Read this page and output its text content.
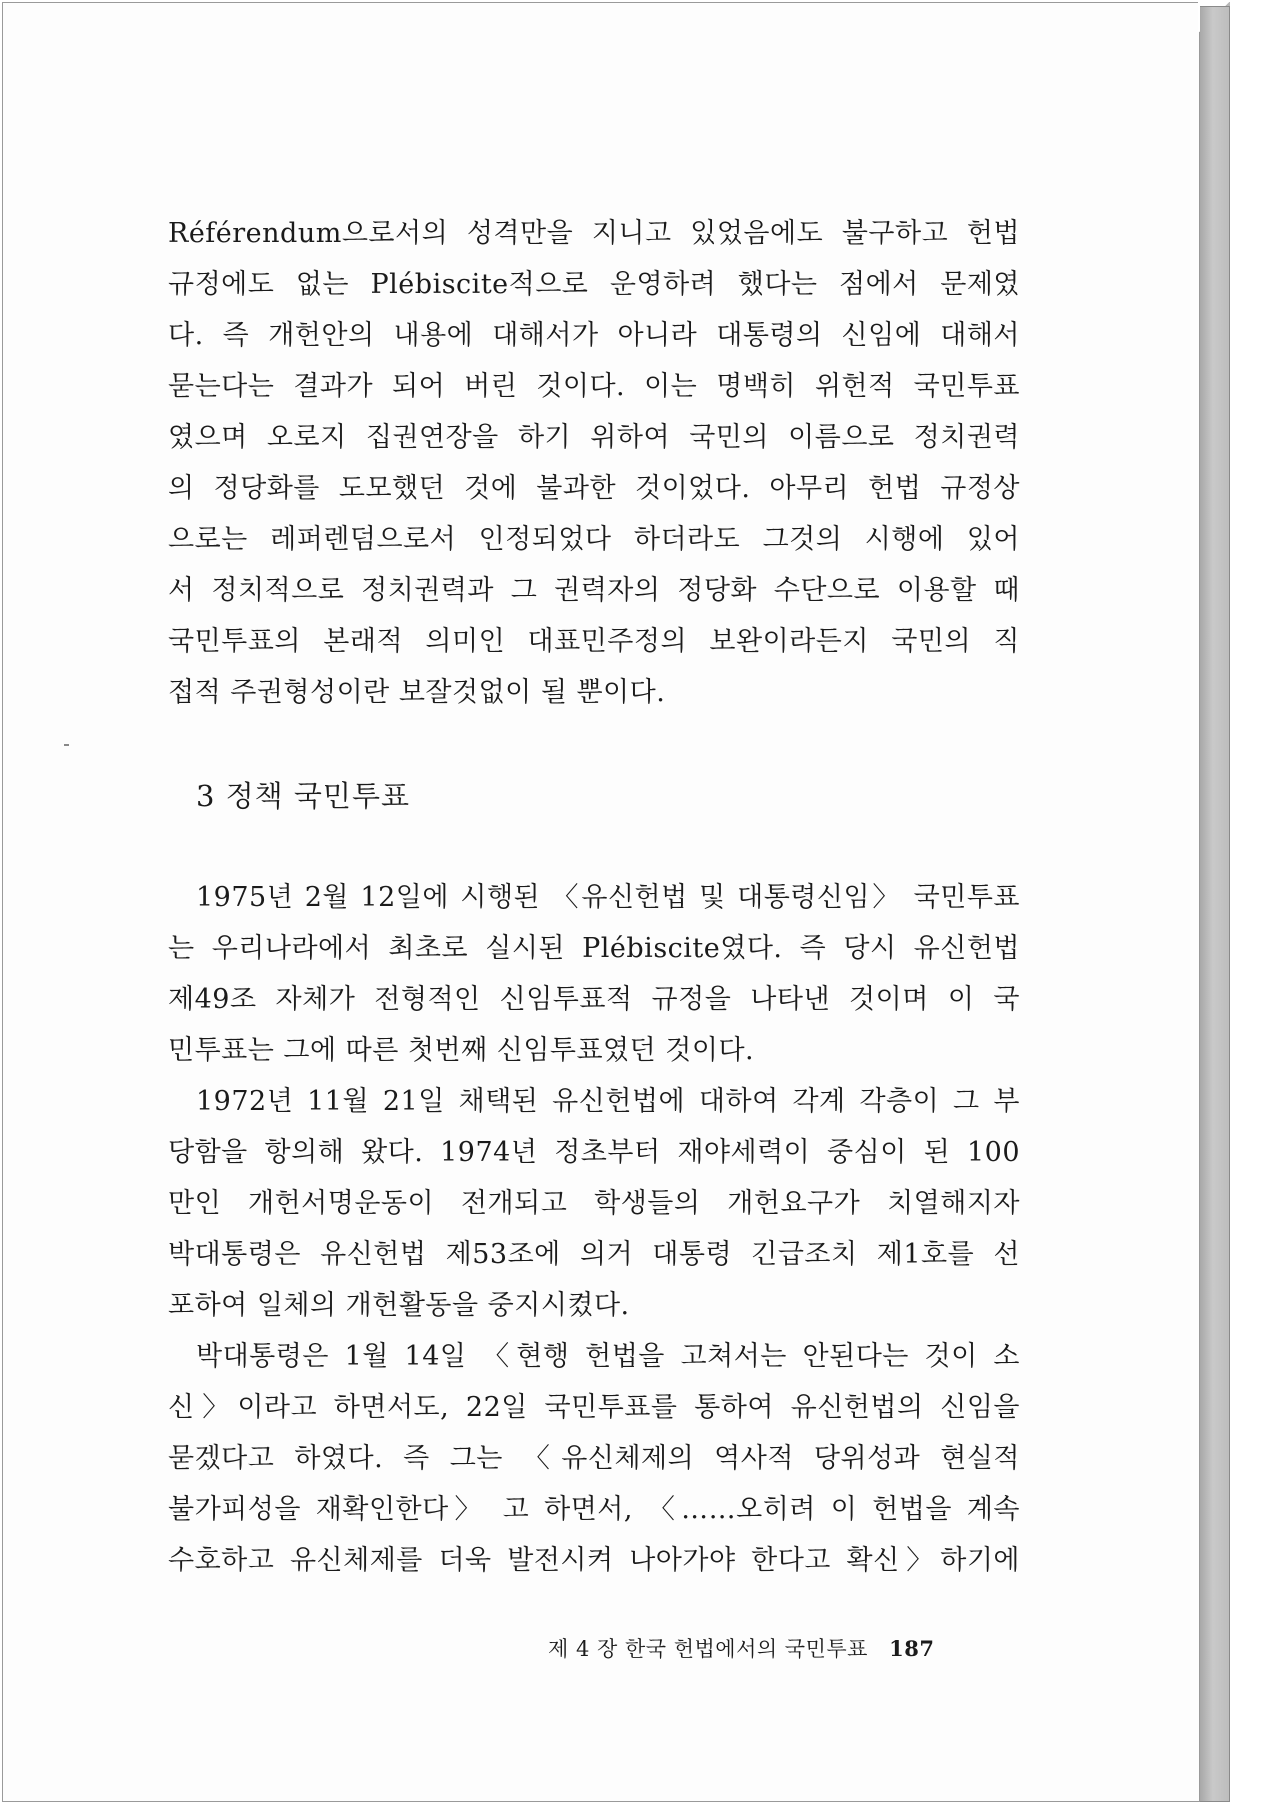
Référendum으로서의 성격만을 지니고 있었음에도 불구하고 헌법
규정에도 없는 Plébiscite적으로 운영하려 했다는 점에서 문제였
다. 즉 개헌안의 내용에 대해서가 아니라 대통령의 신임에 대해서
묻는다는 결과가 되어 버린 것이다. 이는 명백히 위헌적 국민투표
였으며 오로지 집권연장을 하기 위하여 국민의 이름으로 정치권력
의 정당화를 도모했던 것에 불과한 것이었다. 아무리 헌법 규정상
으로는 레퍼렌덤으로서 인정되었다 하더라도 그것의 시행에 있어
서 정치적으로 정치권력과 그 권력자의 정당화 수단으로 이용할 때
국민투표의 본래적 의미인 대표민주정의 보완이라든지 국민의 직
접적 주권형성이란 보잘것없이 될 뿐이다.
3 정책 국민투표
1975년 2월 12일에 시행된 〈유신헌법 및 대통령신임〉 국민투표
는 우리나라에서 최초로 실시된 Plébiscite였다. 즉 당시 유신헌법
제49조 자체가 전형적인 신임투표적 규정을 나타낸 것이며 이 국
민투표는 그에 따른 첫번째 신임투표였던 것이다.
1972년 11월 21일 채택된 유신헌법에 대하여 각계 각층이 그 부
당함을 항의해 왔다. 1974년 정초부터 재야세력이 중심이 된 100
만인 개헌서명운동이 전개되고 학생들의 개헌요구가 치열해지자
박대통령은 유신헌법 제53조에 의거 대통령 긴급조치 제1호를 선
포하여 일체의 개헌활동을 중지시켰다.
박대통령은 1월 14일 〈현행 헌법을 고쳐서는 안된다는 것이 소
신〉이라고 하면서도, 22일 국민투표를 통하여 유신헌법의 신임을
묻겠다고 하였다. 즉 그는 〈유신체제의 역사적 당위성과 현실적
불가피성을 재확인한다〉 고 하면서, 〈……오히려 이 헌법을 계속
수호하고 유신체제를 더욱 발전시켜 나아가야 한다고 확신〉하기에
제 4 장 한국 헌법에서의 국민투표 187
